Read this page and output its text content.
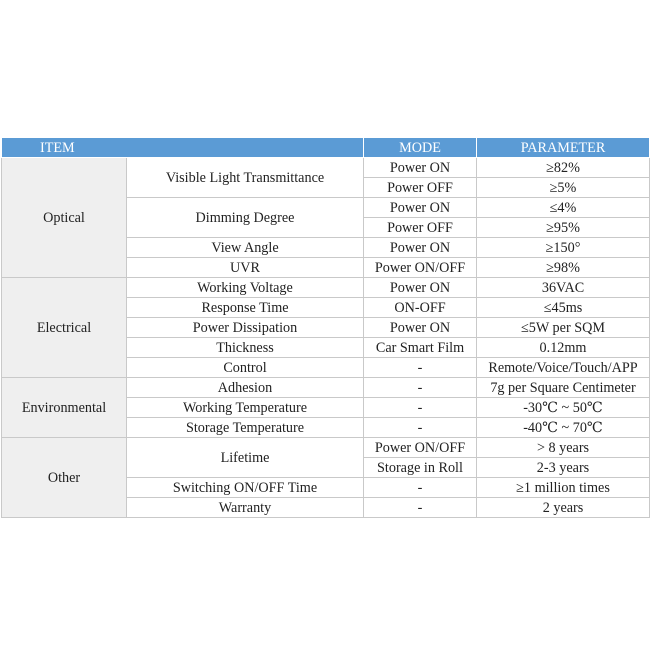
ITEM		MODE	PARAMETER
Optical	Visible Light Transmittance	Power ON	≥82%
		Power OFF	≥5%
	Dimming Degree	Power ON	≤4%
		Power OFF	≥95%
	View Angle	Power ON	≥150°
	UVR	Power ON/OFF	≥98%
Electrical	Working Voltage	Power ON	36VAC
	Response Time	ON-OFF	≤45ms
	Power Dissipation	Power ON	≤5W per SQM
	Thickness	Car Smart Film	0.12mm
	Control	-	Remote/Voice/Touch/APP
Environmental	Adhesion	-	7g per Square Centimeter
	Working Temperature	-	-30℃ ~ 50℃
	Storage Temperature	-	-40℃ ~ 70℃
Other	Lifetime	Power ON/OFF	> 8 years
		Storage in Roll	2-3 years
	Switching ON/OFF Time	-	≥1 million times
	Warranty	-	2 years
